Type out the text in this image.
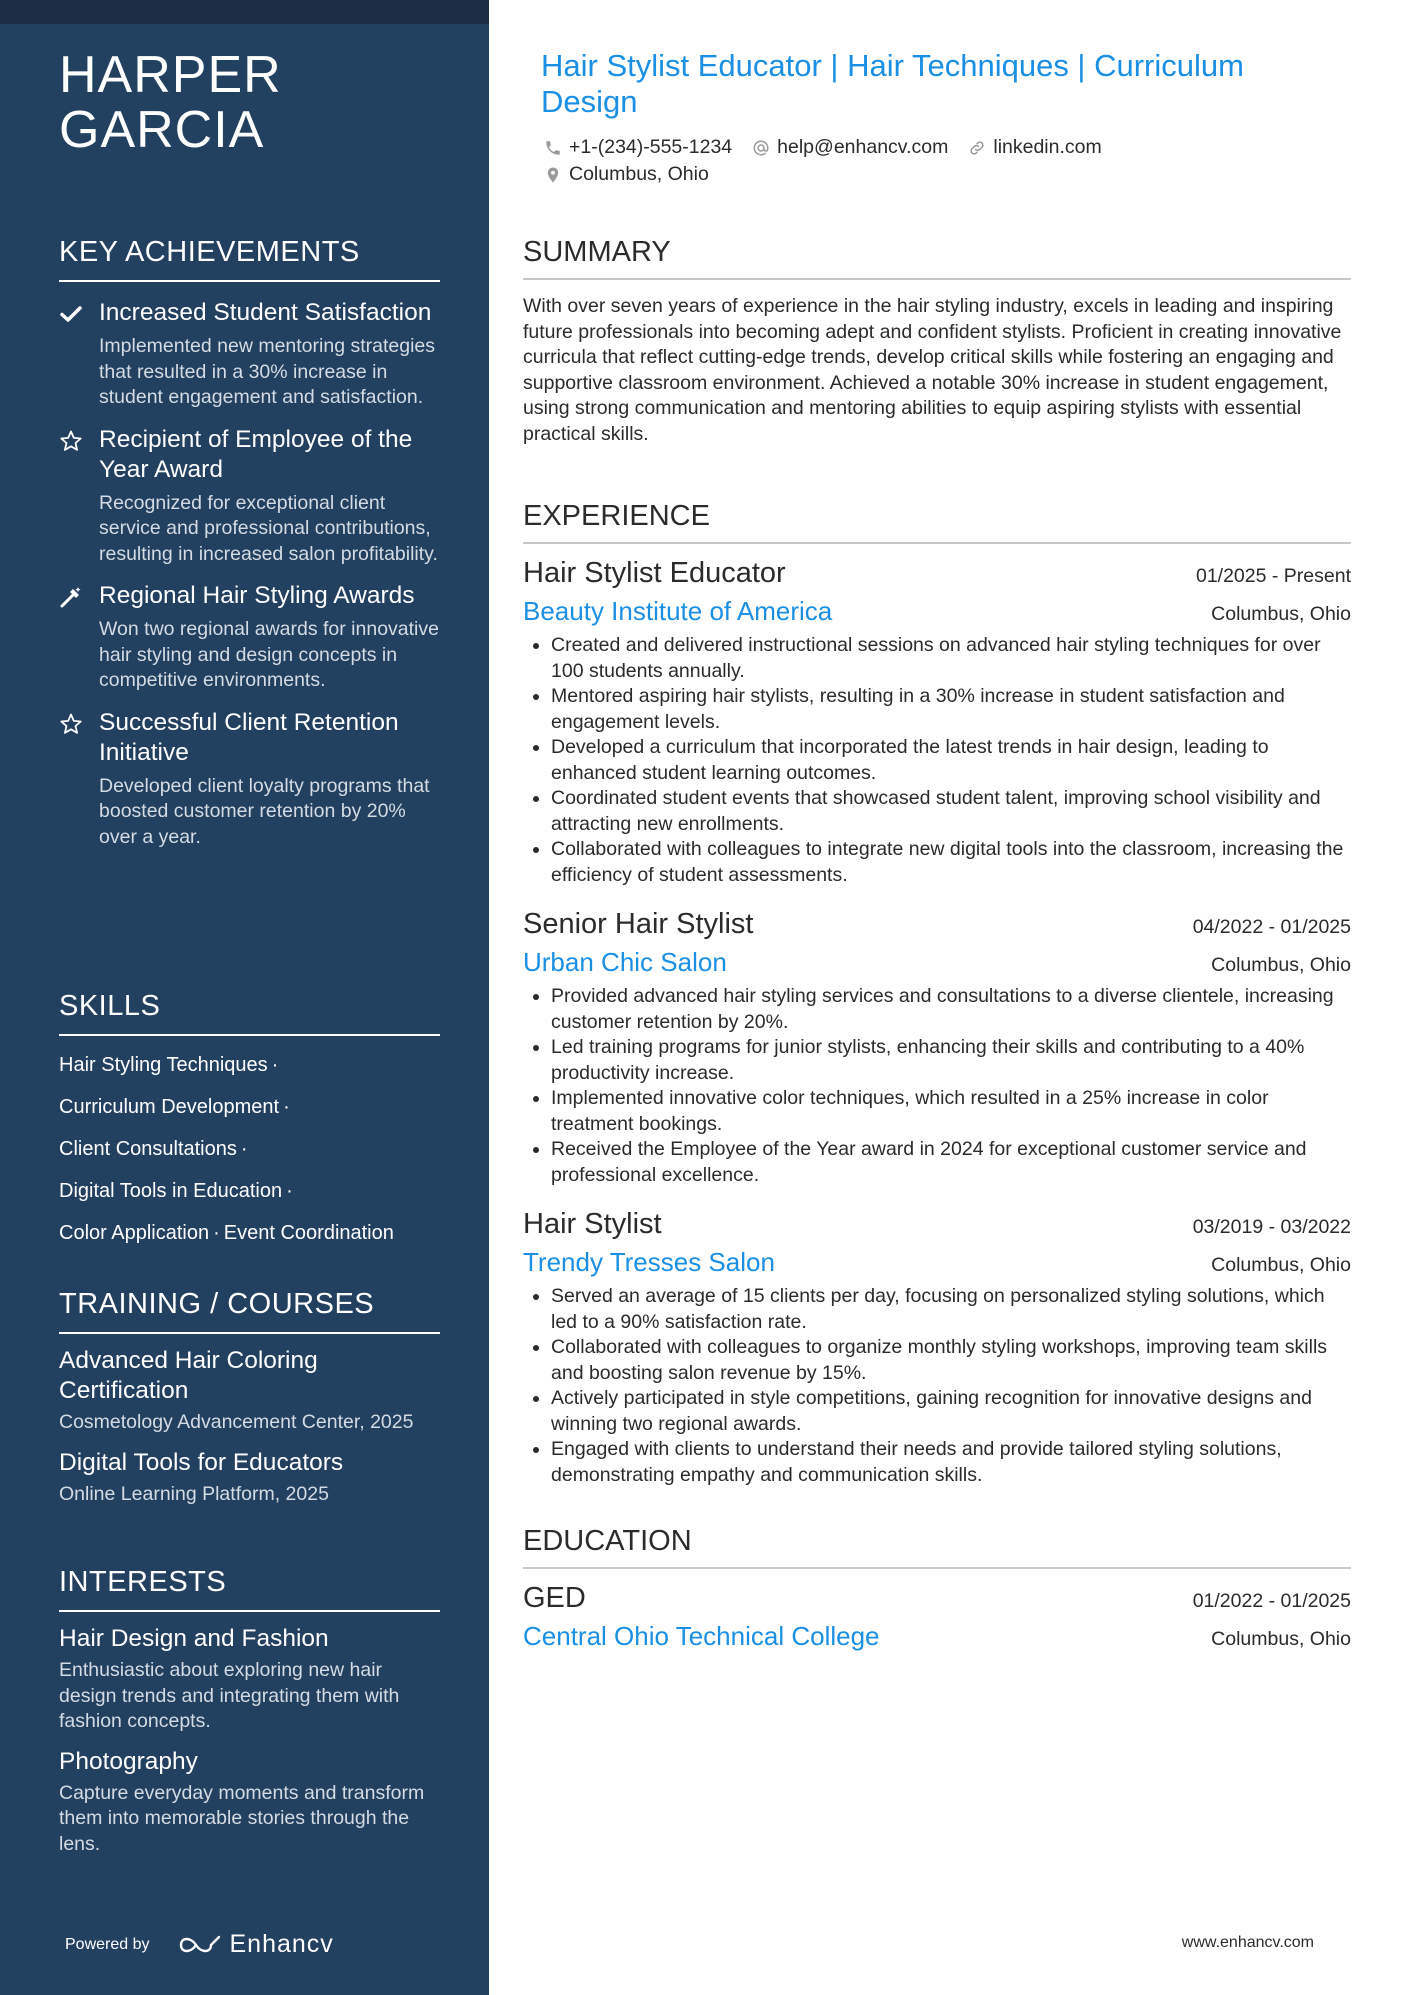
HARPER
GARCIA
KEY ACHIEVEMENTS
Increased Student Satisfaction
Implemented new mentoring strategies that resulted in a 30% increase in student engagement and satisfaction.
Recipient of Employee of the Year Award
Recognized for exceptional client service and professional contributions, resulting in increased salon profitability.
Regional Hair Styling Awards
Won two regional awards for innovative hair styling and design concepts in competitive environments.
Successful Client Retention Initiative
Developed client loyalty programs that boosted customer retention by 20% over a year.
SKILLS
Hair Styling Techniques ·
Curriculum Development ·
Client Consultations ·
Digital Tools in Education ·
Color Application · Event Coordination
TRAINING / COURSES
Advanced Hair Coloring Certification
Cosmetology Advancement Center, 2025
Digital Tools for Educators
Online Learning Platform, 2025
INTERESTS
Hair Design and Fashion
Enthusiastic about exploring new hair design trends and integrating them with fashion concepts.
Photography
Capture everyday moments and transform them into memorable stories through the lens.
Powered by	Enhancv
Hair Stylist Educator | Hair Techniques | Curriculum Design
+1-(234)-555-1234 help@enhancv.com linkedin.com
Columbus, Ohio
SUMMARY
With over seven years of experience in the hair styling industry, excels in leading and inspiring future professionals into becoming adept and confident stylists. Proficient in creating innovative curricula that reflect cutting-edge trends, develop critical skills while fostering an engaging and supportive classroom environment. Achieved a notable 30% increase in student engagement, using strong communication and mentoring abilities to equip aspiring stylists with essential practical skills.
EXPERIENCE
Hair Stylist Educator	01/2025 - Present
Beauty Institute of America	Columbus, Ohio
• Created and delivered instructional sessions on advanced hair styling techniques for over 100 students annually.
• Mentored aspiring hair stylists, resulting in a 30% increase in student satisfaction and engagement levels.
• Developed a curriculum that incorporated the latest trends in hair design, leading to enhanced student learning outcomes.
• Coordinated student events that showcased student talent, improving school visibility and attracting new enrollments.
• Collaborated with colleagues to integrate new digital tools into the classroom, increasing the efficiency of student assessments.
Senior Hair Stylist	04/2022 - 01/2025
Urban Chic Salon	Columbus, Ohio
• Provided advanced hair styling services and consultations to a diverse clientele, increasing customer retention by 20%.
• Led training programs for junior stylists, enhancing their skills and contributing to a 40% productivity increase.
• Implemented innovative color techniques, which resulted in a 25% increase in color treatment bookings.
• Received the Employee of the Year award in 2024 for exceptional customer service and professional excellence.
Hair Stylist	03/2019 - 03/2022
Trendy Tresses Salon	Columbus, Ohio
• Served an average of 15 clients per day, focusing on personalized styling solutions, which led to a 90% satisfaction rate.
• Collaborated with colleagues to organize monthly styling workshops, improving team skills and boosting salon revenue by 15%.
• Actively participated in style competitions, gaining recognition for innovative designs and winning two regional awards.
• Engaged with clients to understand their needs and provide tailored styling solutions, demonstrating empathy and communication skills.
EDUCATION
GED	01/2022 - 01/2025
Central Ohio Technical College	Columbus, Ohio
www.enhancv.com
